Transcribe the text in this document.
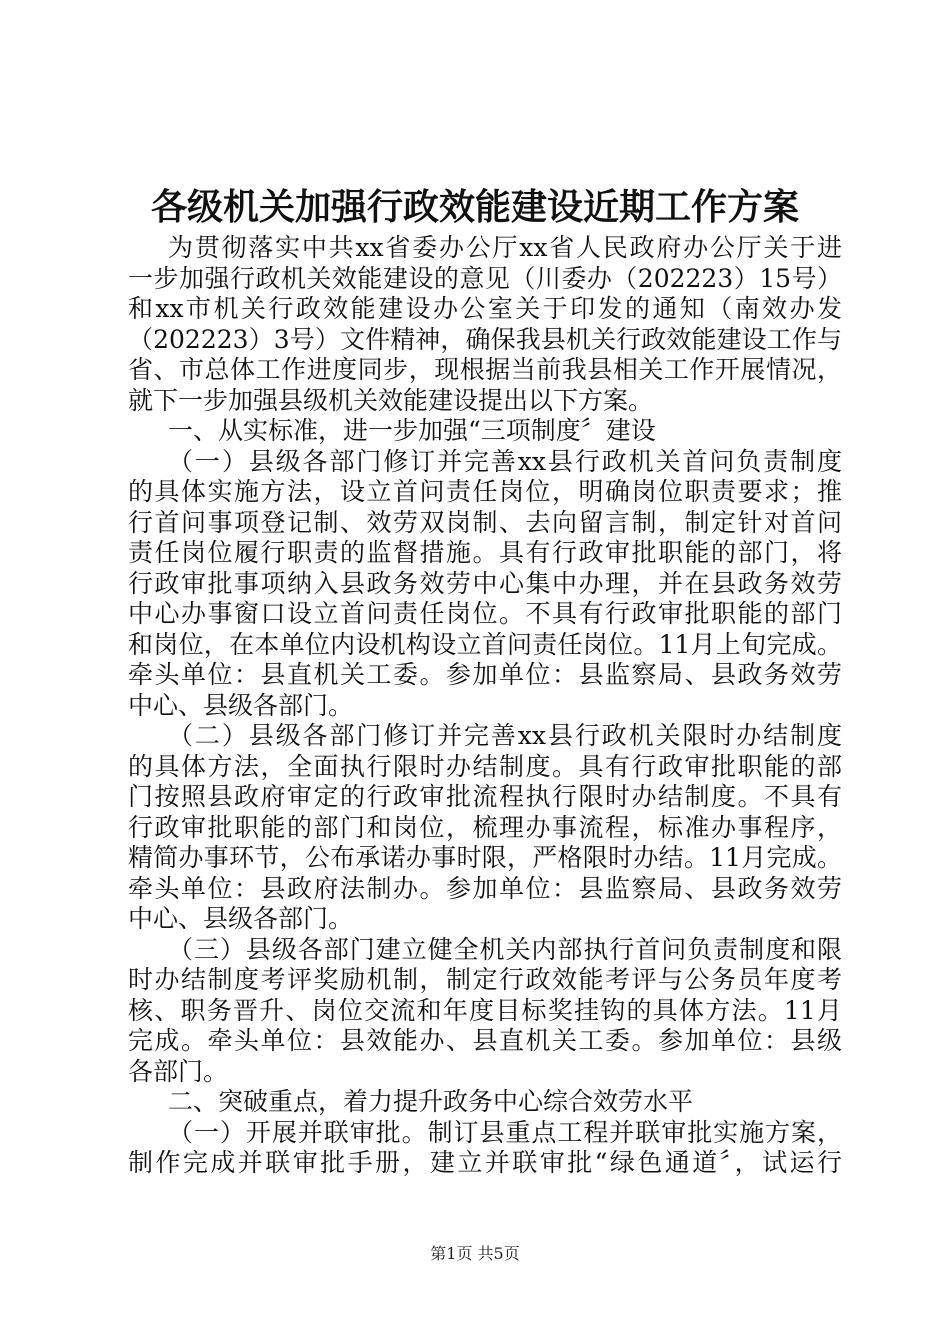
各级机关加强行政效能建设近期工作方案
为贯彻落实中共xx省委办公厅xx省人民政府办公厅关于进
一步加强行政机关效能建设的意见（川委办（202223）15号）
和xx市机关行政效能建设办公室关于印发的通知（南效办发
（202223）3号）文件精神，确保我县机关行政效能建设工作与
省、市总体工作进度同步，现根据当前我县相关工作开展情况，
就下一步加强县级机关效能建设提出以下方案。
一、从实标准，进一步加强“三项制度〞建设
（一）县级各部门修订并完善xx县行政机关首问负责制度
的具体实施方法，设立首问责任岗位，明确岗位职责要求；推
行首问事项登记制、效劳双岗制、去向留言制，制定针对首问
责任岗位履行职责的监督措施。具有行政审批职能的部门，将
行政审批事项纳入县政务效劳中心集中办理，并在县政务效劳
中心办事窗口设立首问责任岗位。不具有行政审批职能的部门
和岗位，在本单位内设机构设立首问责任岗位。11月上旬完成。
牵头单位：县直机关工委。参加单位：县监察局、县政务效劳
中心、县级各部门。
（二）县级各部门修订并完善xx县行政机关限时办结制度
的具体方法，全面执行限时办结制度。具有行政审批职能的部
门按照县政府审定的行政审批流程执行限时办结制度。不具有
行政审批职能的部门和岗位，梳理办事流程，标准办事程序，
精简办事环节，公布承诺办事时限，严格限时办结。11月完成。
牵头单位：县政府法制办。参加单位：县监察局、县政务效劳
中心、县级各部门。
（三）县级各部门建立健全机关内部执行首问负责制度和限
时办结制度考评奖励机制，制定行政效能考评与公务员年度考
核、职务晋升、岗位交流和年度目标奖挂钩的具体方法。11月
完成。牵头单位：县效能办、县直机关工委。参加单位：县级
各部门。
二、突破重点，着力提升政务中心综合效劳水平
（一）开展并联审批。制订县重点工程并联审批实施方案，
制作完成并联审批手册，建立并联审批“绿色通道〞，试运行
第1页 共5页
